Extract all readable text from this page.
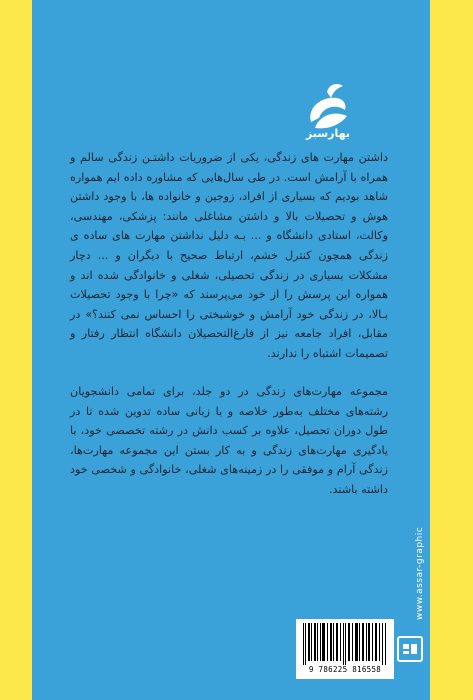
بهارسبز
داشتن مهارت های زندگی، یکی از ضروریات داشتـن زندگی سالم و همراه با آرامش است. در طی سال‌هایی که مشاوره داده ایم همواره شاهد بودیم که بسیاری از افراد، زوجین و خانواده ها، با وجود داشتن هوش و تحصیلات بالا و داشتن مشاغلی مانند: پزشکی، مهندسی، وکالت، استادی دانشگاه و ... بـه دلیل نداشتن مهارت های ساده ی زندگی همچون کنترل خشم، ارتباط صحیح با دیگران و ... دچار مشکلات بسیاری در زندگی تحصیلی، شغلی و خانوادگی شده اند و همواره این پرسش را از خود می‌پرسند که «چرا با وجود تحصیلات بـالا، در زندگی خود آرامش و خوشبختی را احساس نمی کنند؟» در مقابل، افراد جامعه نیز از فارغ‌التحصیلان دانشگاه انتظار رفتار و تصمیمات اشتباه را ندارند.
مجموعه مهارت‌های زندگی در دو جلد، برای تمامی دانشجویان رشته‌های مختلف به‌طور خلاصه و با زبانی ساده تدوین شده تا در طول دوران تحصیل، علاوه بر کسب دانش در رشته تخصصی خود، با یادگیری مهارت‌های زندگی و به کار بستن این مجموعه مهارت‌ها، زندگی آرام و موفقی را در زمینه‌های شغلی، خانوادگی و شخصی خود داشته باشند.
www.assar-graphic
9 786225 816558
